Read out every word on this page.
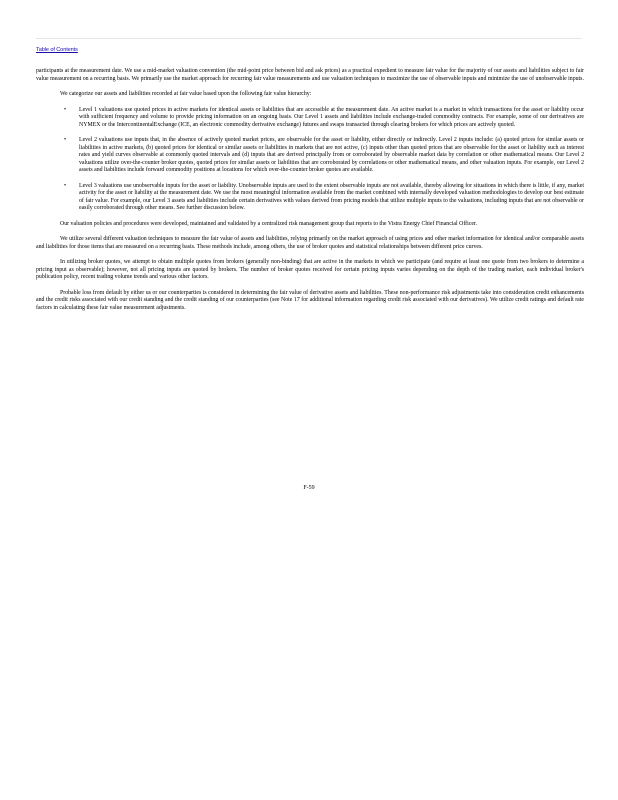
Table of Contents

participants at the measurement date. We use a mid-market valuation convention (the mid-point price between bid and ask prices) as a practical expedient to measure fair value for the majority of our assets and liabilities subject to fair value measurement on a recurring basis. We primarily use the market approach for recurring fair value measurements and use valuation techniques to maximize the use of observable inputs and minimize the use of unobservable inputs.

We categorize our assets and liabilities recorded at fair value based upon the following fair value hierarchy:

• Level 1 valuations use quoted prices in active markets for identical assets or liabilities that are accessible at the measurement date. An active market is a market in which transactions for the asset or liability occur with sufficient frequency and volume to provide pricing information on an ongoing basis. Our Level 1 assets and liabilities include exchange-traded commodity contracts. For example, some of our derivatives are NYMEX or the IntercontinentalExchange (ICE, an electronic commodity derivative exchange) futures and swaps transacted through clearing brokers for which prices are actively quoted.

• Level 2 valuations use inputs that, in the absence of actively quoted market prices, are observable for the asset or liability, either directly or indirectly. Level 2 inputs include: (a) quoted prices for similar assets or liabilities in active markets, (b) quoted prices for identical or similar assets or liabilities in markets that are not active, (c) inputs other than quoted prices that are observable for the asset or liability such as interest rates and yield curves observable at commonly quoted intervals and (d) inputs that are derived principally from or corroborated by observable market data by correlation or other mathematical means. Our Level 2 valuations utilize over-the-counter broker quotes, quoted prices for similar assets or liabilities that are corroborated by correlations or other mathematical means, and other valuation inputs. For example, our Level 2 assets and liabilities include forward commodity positions at locations for which over-the-counter broker quotes are available.

• Level 3 valuations use unobservable inputs for the asset or liability. Unobservable inputs are used to the extent observable inputs are not available, thereby allowing for situations in which there is little, if any, market activity for the asset or liability at the measurement date. We use the most meaningful information available from the market combined with internally developed valuation methodologies to develop our best estimate of fair value. For example, our Level 3 assets and liabilities include certain derivatives with values derived from pricing models that utilize multiple inputs to the valuations, including inputs that are not observable or easily corroborated through other means. See further discussion below.

Our valuation policies and procedures were developed, maintained and validated by a centralized risk management group that reports to the Vistra Energy Chief Financial Officer.

We utilize several different valuation techniques to measure the fair value of assets and liabilities, relying primarily on the market approach of using prices and other market information for identical and/or comparable assets and liabilities for those items that are measured on a recurring basis. These methods include, among others, the use of broker quotes and statistical relationships between different price curves.

In utilizing broker quotes, we attempt to obtain multiple quotes from brokers (generally non-binding) that are active in the markets in which we participate (and require at least one quote from two brokers to determine a pricing input as observable); however, not all pricing inputs are quoted by brokers. The number of broker quotes received for certain pricing inputs varies depending on the depth of the trading market, each individual broker's publication policy, recent trading volume trends and various other factors.

Probable loss from default by either us or our counterparties is considered in determining the fair value of derivative assets and liabilities. These non-performance risk adjustments take into consideration credit enhancements and the credit risks associated with our credit standing and the credit standing of our counterparties (see Note 17 for additional information regarding credit risk associated with our derivatives). We utilize credit ratings and default rate factors in calculating these fair value measurement adjustments.

F-59
